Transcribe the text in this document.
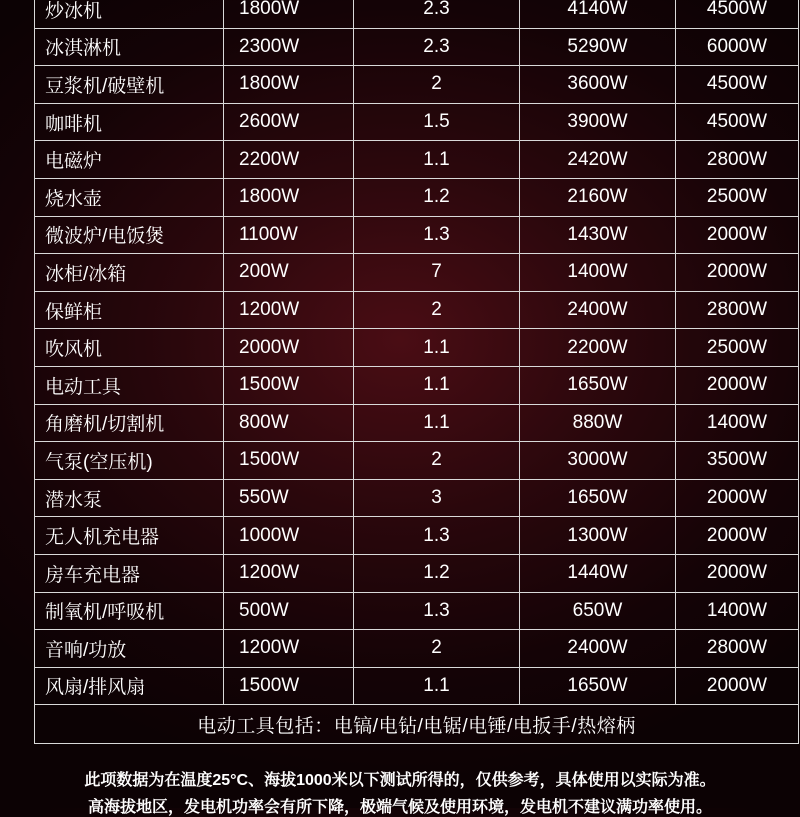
炒冰机	1800W	2.3	4140W	4500W
冰淇淋机	2300W	2.3	5290W	6000W
豆浆机/破壁机	1800W	2	3600W	4500W
咖啡机	2600W	1.5	3900W	4500W
电磁炉	2200W	1.1	2420W	2800W
烧水壶	1800W	1.2	2160W	2500W
微波炉/电饭煲	1100W	1.3	1430W	2000W
冰柜/冰箱	200W	7	1400W	2000W
保鲜柜	1200W	2	2400W	2800W
吹风机	2000W	1.1	2200W	2500W
电动工具	1500W	1.1	1650W	2000W
角磨机/切割机	800W	1.1	880W	1400W
气泵(空压机)	1500W	2	3000W	3500W
潜水泵	550W	3	1650W	2000W
无人机充电器	1000W	1.3	1300W	2000W
房车充电器	1200W	1.2	1440W	2000W
制氧机/呼吸机	500W	1.3	650W	1400W
音响/功放	1200W	2	2400W	2800W
风扇/排风扇	1500W	1.1	1650W	2000W
电动工具包括：电镐/电钻/电锯/电锤/电扳手/热熔柄				
此项数据为在温度25°C、海拔1000米以下测试所得的，仅供参考，具体使用以实际为准。
高海拔地区，发电机功率会有所下降，极端气候及使用环境，发电机不建议满功率使用。
